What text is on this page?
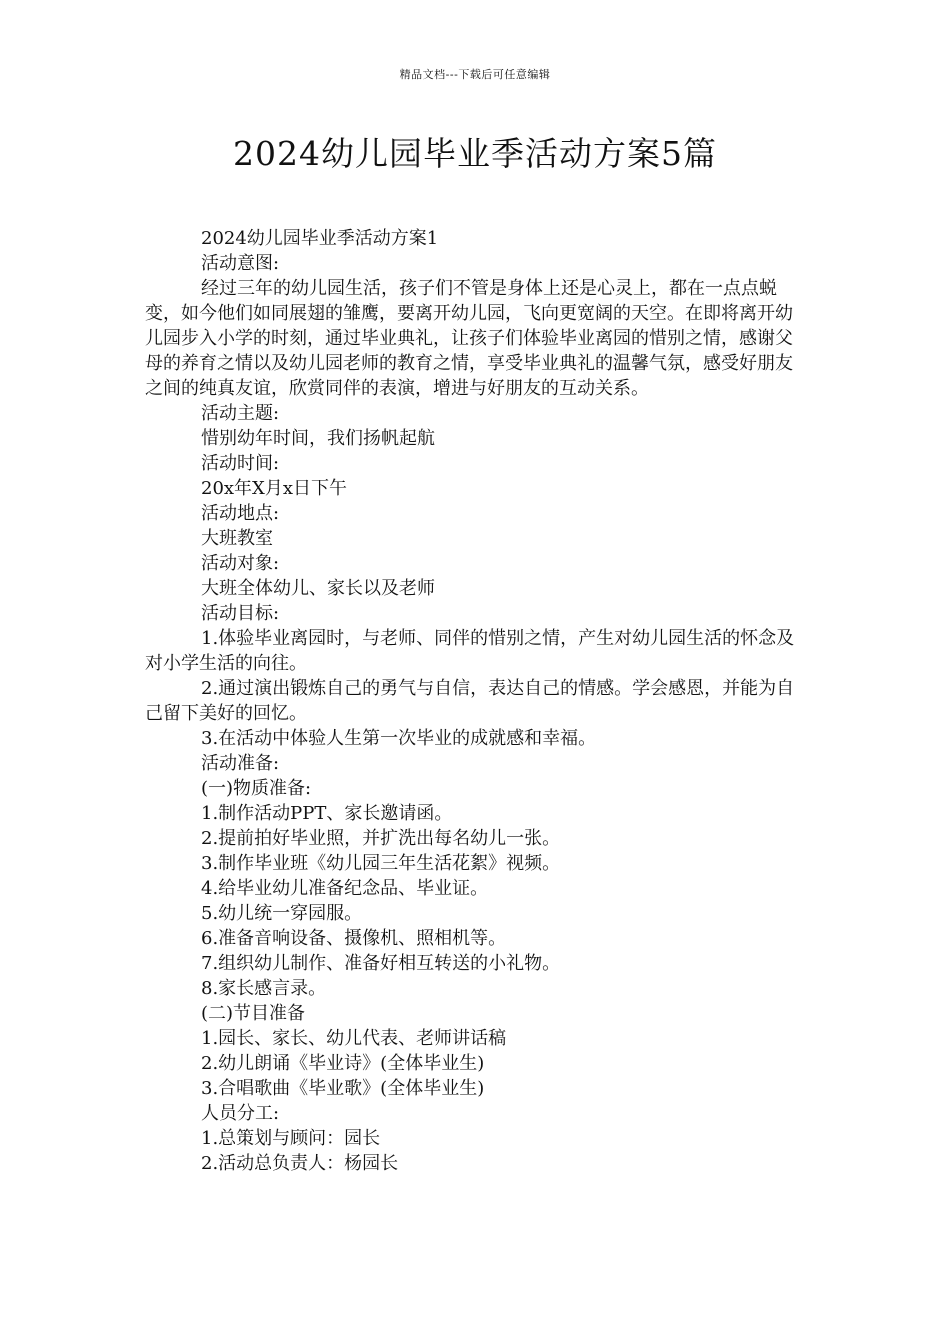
精品文档---下载后可任意编辑
2024幼儿园毕业季活动方案5篇

2024幼儿园毕业季活动方案1

活动意图:

经过三年的幼儿园生活，孩子们不管是身体上还是心灵上，都在一点点蜕变，如今他们如同展翅的雏鹰，要离开幼儿园，飞向更宽阔的天空。在即将离开幼儿园步入小学的时刻，通过毕业典礼，让孩子们体验毕业离园的惜别之情，感谢父母的养育之情以及幼儿园老师的教育之情，享受毕业典礼的温馨气氛，感受好朋友之间的纯真友谊，欣赏同伴的表演，增进与好朋友的互动关系。

活动主题:

惜别幼年时间，我们扬帆起航

活动时间:

20x年X月x日下午

活动地点:

大班教室

活动对象:

大班全体幼儿、家长以及老师

活动目标:

1.体验毕业离园时，与老师、同伴的惜别之情，产生对幼儿园生活的怀念及对小学生活的向往。

2.通过演出锻炼自己的勇气与自信，表达自己的情感。学会感恩，并能为自己留下美好的回忆。

3.在活动中体验人生第一次毕业的成就感和幸福。

活动准备:

(一)物质准备:

1.制作活动PPT、家长邀请函。

2.提前拍好毕业照，并扩洗出每名幼儿一张。

3.制作毕业班《幼儿园三年生活花絮》视频。

4.给毕业幼儿准备纪念品、毕业证。

5.幼儿统一穿园服。

6.准备音响设备、摄像机、照相机等。

7.组织幼儿制作、准备好相互转送的小礼物。

8.家长感言录。

(二)节目准备

1.园长、家长、幼儿代表、老师讲话稿

2.幼儿朗诵《毕业诗》(全体毕业生)

3.合唱歌曲《毕业歌》(全体毕业生)

人员分工:

1.总策划与顾问：园长

2.活动总负责人：杨园长
